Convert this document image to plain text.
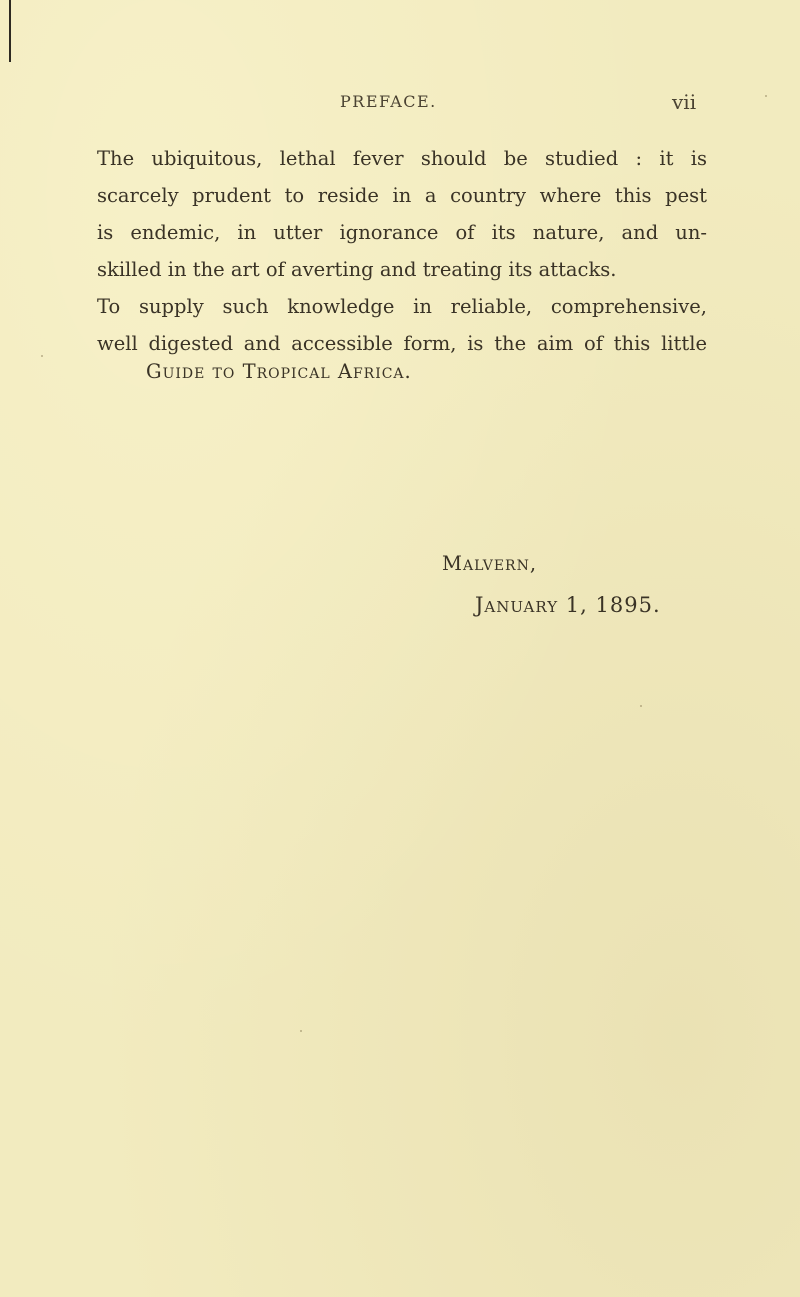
PREFACE.	vii
The ubiquitous, lethal fever should be studied : it is
scarcely prudent to reside in a country where this pest
is endemic, in utter ignorance of its nature, and un-
skilled in the art of averting and treating its attacks.
To supply such knowledge in reliable, comprehensive,
well digested and accessible form, is the aim of this little
Guide to Tropical Africa.
Malvern,
January 1, 1895.
